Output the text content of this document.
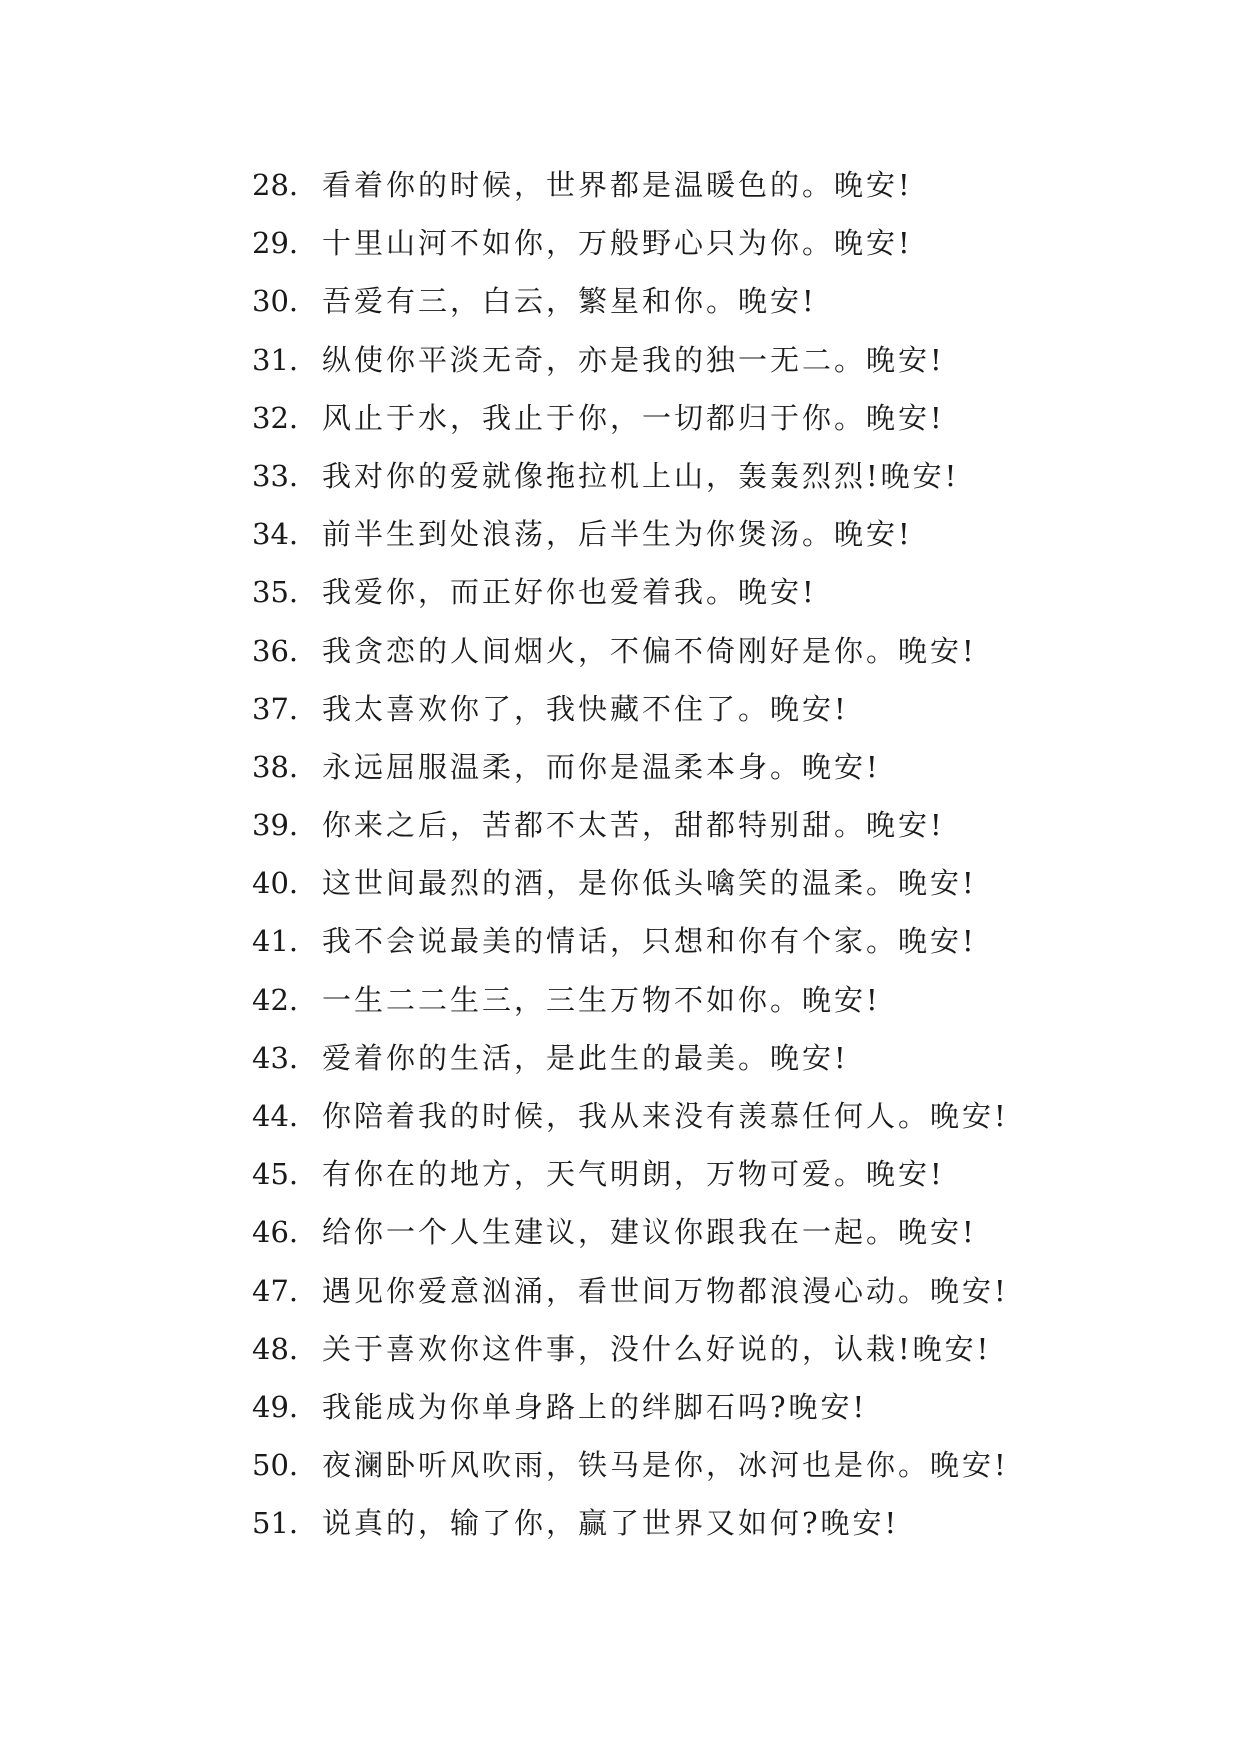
28. 看着你的时候，世界都是温暖色的。晚安!
29. 十里山河不如你，万般野心只为你。晚安!
30. 吾爱有三，白云，繁星和你。晚安!
31. 纵使你平淡无奇，亦是我的独一无二。晚安!
32. 风止于水，我止于你，一切都归于你。晚安!
33. 我对你的爱就像拖拉机上山，轰轰烈烈!晚安!
34. 前半生到处浪荡，后半生为你煲汤。晚安!
35. 我爱你，而正好你也爱着我。晚安!
36. 我贪恋的人间烟火，不偏不倚刚好是你。晚安!
37. 我太喜欢你了，我快藏不住了。晚安!
38. 永远屈服温柔，而你是温柔本身。晚安!
39. 你来之后，苦都不太苦，甜都特别甜。晚安!
40. 这世间最烈的酒，是你低头噙笑的温柔。晚安!
41. 我不会说最美的情话，只想和你有个家。晚安!
42. 一生二二生三，三生万物不如你。晚安!
43. 爱着你的生活，是此生的最美。晚安!
44. 你陪着我的时候，我从来没有羡慕任何人。晚安!
45. 有你在的地方，天气明朗，万物可爱。晚安!
46. 给你一个人生建议，建议你跟我在一起。晚安!
47. 遇见你爱意汹涌，看世间万物都浪漫心动。晚安!
48. 关于喜欢你这件事，没什么好说的，认栽!晚安!
49. 我能成为你单身路上的绊脚石吗?晚安!
50. 夜澜卧听风吹雨，铁马是你，冰河也是你。晚安!
51. 说真的，输了你，赢了世界又如何?晚安!
